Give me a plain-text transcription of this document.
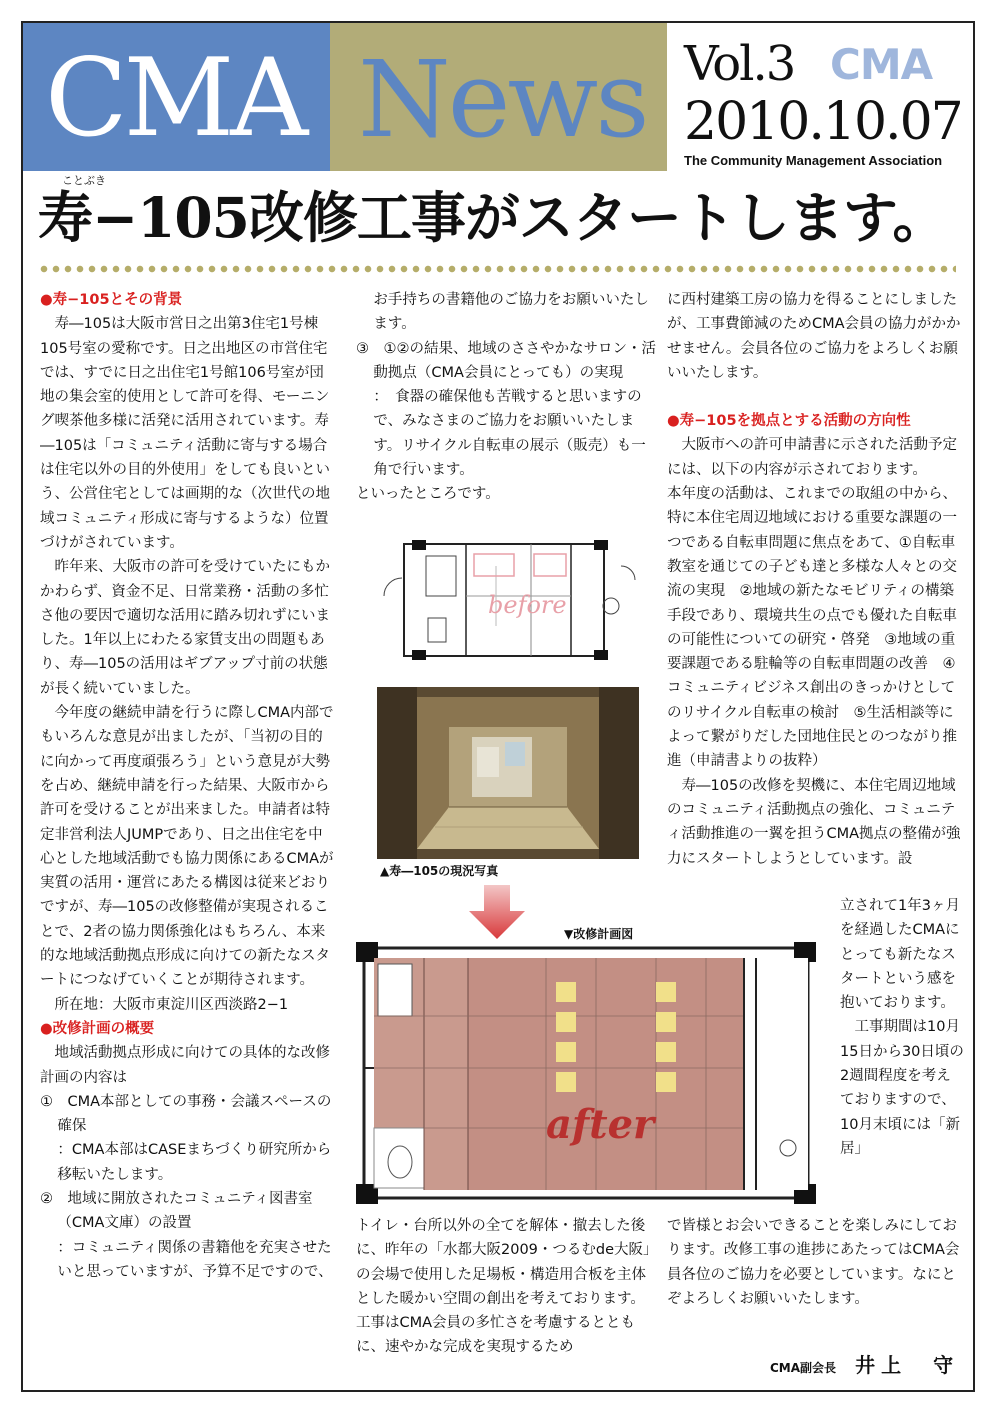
CMA News Vol.3 CMA
2010.10.07
The Community Management Association
ことぶき
寿−105改修工事がスタートします。
●寿−105とその背景

寿―105は大阪市営日之出第3住宅1号棟105号室の愛称です。日之出地区の市営住宅では、すでに日之出住宅1号館106号室が団地の集会室的使用として許可を得、モーニング喫茶他多様に活発に活用されています。寿―105は「コミュニティ活動に寄与する場合は住宅以外の目的外使用」をしても良いという、公営住宅としては画期的な（次世代の地域コミュニティ形成に寄与するような）位置づけがされています。

昨年来、大阪市の許可を受けていたにもかかわらず、資金不足、日常業務・活動の多忙さ他の要因で適切な活用に踏み切れずにいました。1年以上にわたる家賃支出の問題もあり、寿―105の活用はギブアップ寸前の状態が長く続いていました。

今年度の継続申請を行うに際しCMA内部でもいろんな意見が出ましたが、「当初の目的に向かって再度頑張ろう」という意見が大勢を占め、継続申請を行った結果、大阪市から許可を受けることが出来ました。申請者は特定非営利法人JUMPであり、日之出住宅を中心とした地域活動でも協力関係にあるCMAが実質の活用・運営にあたる構図は従来どおりですが、寿―105の改修整備が実現されることで、2者の協力関係強化はもちろん、本来的な地域活動拠点形成に向けての新たなスタートにつなげていくことが期待されます。

所在地：大阪市東淀川区西淡路2−1

●改修計画の概要

地域活動拠点形成に向けての具体的な改修計画の内容は

①　CMA本部としての事務・会議スペースの確保

：CMA本部はCASEまちづくり研究所から移転いたします。

②　地域に開放されたコミュニティ図書室（CMA文庫）の設置

：コミュニティ関係の書籍他を充実させたいと思っていますが、予算不足ですので、

お手持ちの書籍他のご協力をお願いいたします。

③　①②の結果、地域のささやかなサロン・活動拠点（CMA会員にとっても）の実現

：　食器の確保他も苦戦すると思いますので、みなさまのご協力をお願いいたします。リサイクル自転車の展示（販売）も一角で行います。

といったところです。

before
▲寿―105の現況写真
▼改修計画図
after

トイレ・台所以外の全てを解体・撤去した後に、昨年の「水都大阪2009・つるむde大阪」の会場で使用した足場板・構造用合板を主体とした暖かい空間の創出を考えております。工事はCMA会員の多忙さを考慮するとともに、速やかな完成を実現するため

に西村建築工房の協力を得ることにしましたが、工事費節減のためCMA会員の協力がかかせません。会員各位のご協力をよろしくお願いいたします。

●寿−105を拠点とする活動の方向性

大阪市への許可申請書に示された活動予定には、以下の内容が示されております。

本年度の活動は、これまでの取組の中から、特に本住宅周辺地域における重要な課題の一つである自転車問題に焦点をあて、①自転車教室を通じての子ども達と多様な人々との交流の実現　②地域の新たなモビリティの構築手段であり、環境共生の点でも優れた自転車の可能性についての研究・啓発　③地域の重要課題である駐輪等の自転車問題の改善　④コミュニティビジネス創出のきっかけとしてのリサイクル自転車の検討　⑤生活相談等によって繋がりだした団地住民とのつながり推進（申請書よりの抜粋）

寿―105の改修を契機に、本住宅周辺地域のコミュニティ活動拠点の強化、コミュニティ活動推進の一翼を担うCMA拠点の整備が強力にスタートしようとしています。設

立されて1年3ヶ月を経過したCMAにとっても新たなスタートという感を抱いております。

工事期間は10月15日から30日頃の2週間程度を考えておりますので、10月末頃には「新居」

で皆様とお会いできることを楽しみにしております。改修工事の進捗にあたってはCMA会員各位のご協力を必要としています。なにとぞよろしくお願いいたします。

CMA副会長 井上　守
